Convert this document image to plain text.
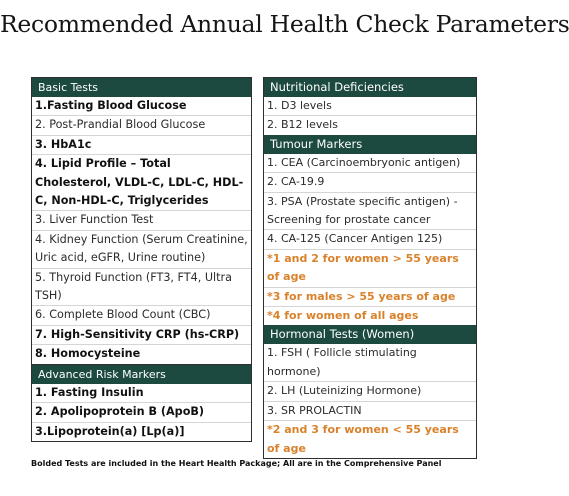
Recommended Annual Health Check Parameters
Basic Tests
1.Fasting Blood Glucose
2. Post-Prandial Blood Glucose
3. HbA1c
4. Lipid Profile – Total Cholesterol, VLDL-C, LDL-C, HDL-C, Non-HDL-C, Triglycerides
3. Liver Function Test
4. Kidney Function (Serum Creatinine, Uric acid, eGFR, Urine routine)
5. Thyroid Function (FT3, FT4, Ultra TSH)
6. Complete Blood Count (CBC)
7. High-Sensitivity CRP (hs-CRP)
8. Homocysteine
Advanced Risk Markers
1. Fasting Insulin
2. Apolipoprotein B (ApoB)
3.Lipoprotein(a) [Lp(a)]
Nutritional Deficiencies
1. D3 levels
2. B12 levels
Tumour Markers
1. CEA (Carcinoembryonic antigen)
2. CA-19.9
3. PSA (Prostate specific antigen) - Screening for prostate cancer
4. CA-125 (Cancer Antigen 125)
*1 and 2 for women > 55 years of age
*3 for males > 55 years of age
*4 for women of all ages
Hormonal Tests (Women)
1. FSH ( Follicle stimulating hormone)
2. LH (Luteinizing Hormone)
3. SR PROLACTIN
*2 and 3 for women < 55 years of age
Bolded Tests are included in the Heart Health Package; All are in the Comprehensive Panel
